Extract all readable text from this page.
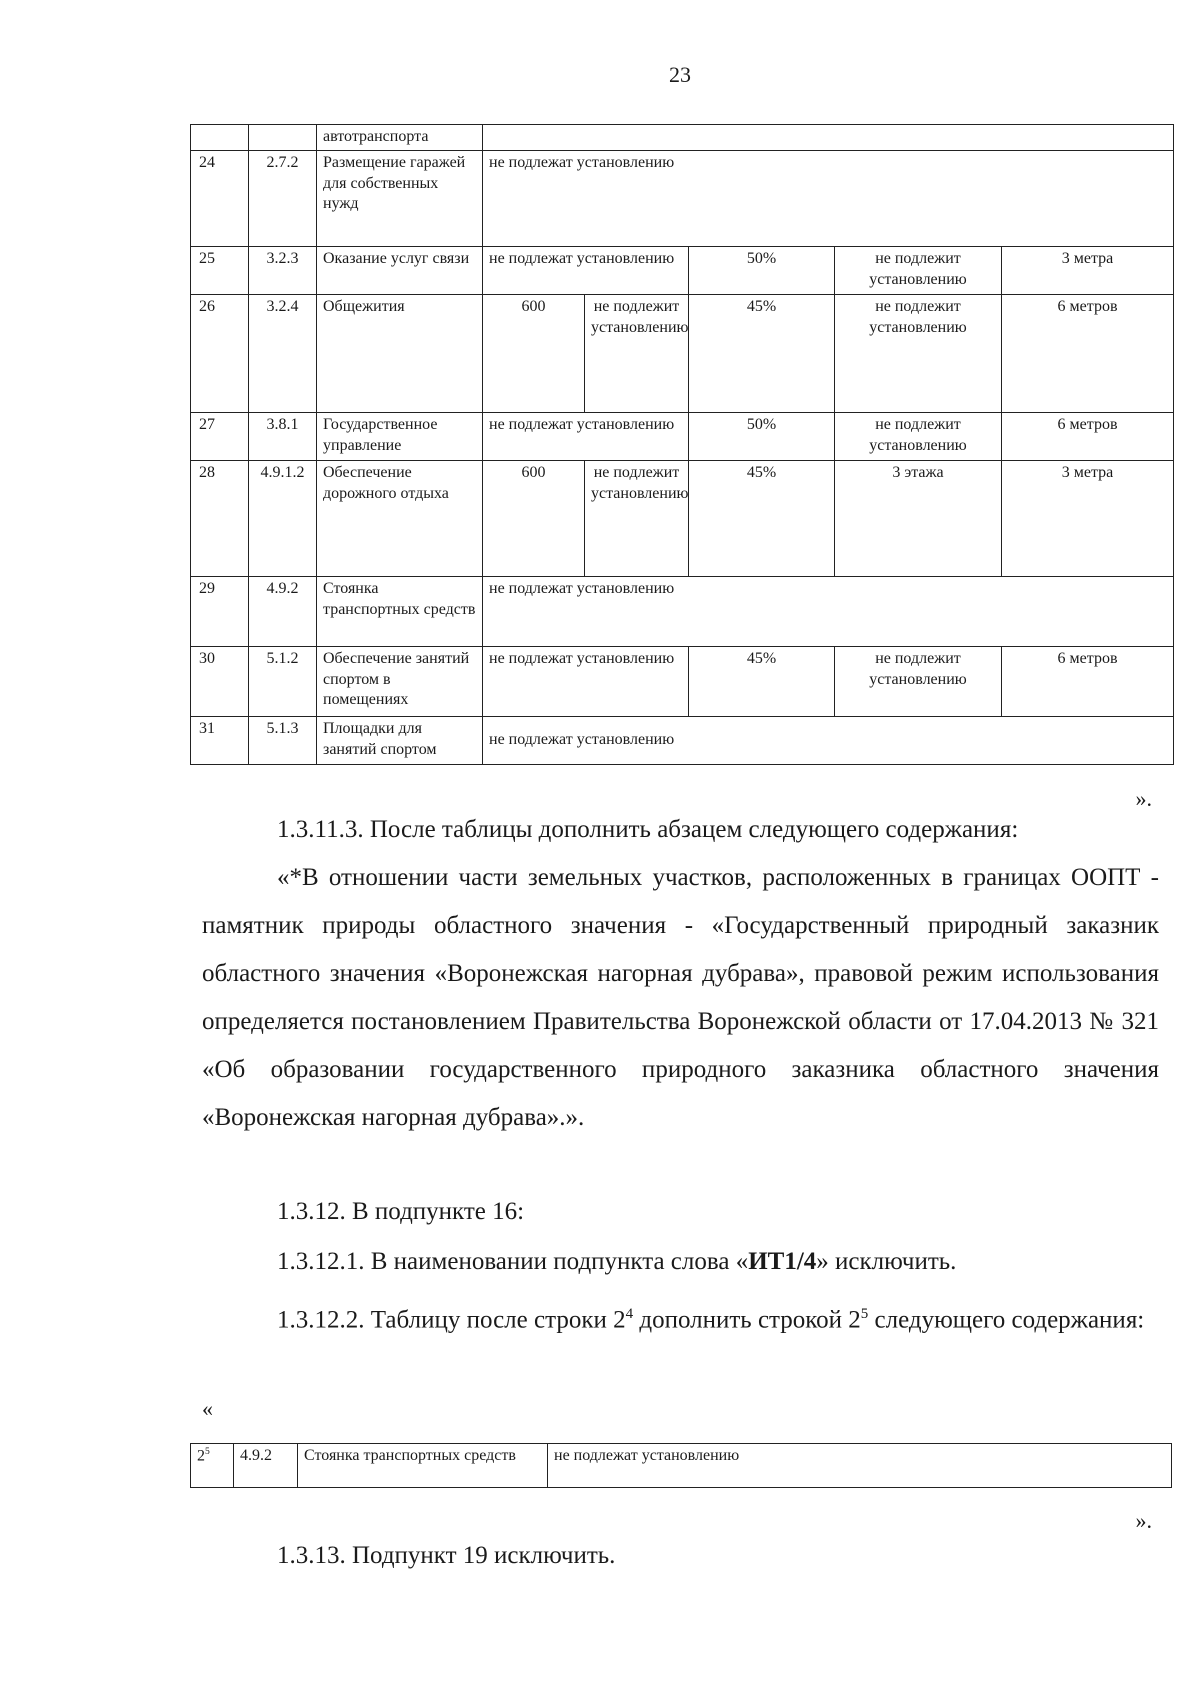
23
		автотранспорта					
24	2.7.2	Размещение гаражей для собственных нужд	не подлежат установлению				
25	3.2.3	Оказание услуг связи	не подлежат установлению		50%	не подлежит установлению	3 метра
26	3.2.4	Общежития	600	не подлежит установлению	45%	не подлежит установлению	6 метров
27	3.8.1	Государственное управление	не подлежат установлению		50%	не подлежит установлению	6 метров
28	4.9.1.2	Обеспечение дорожного отдыха	600	не подлежит установлению	45%	3 этажа	3 метра
29	4.9.2	Стоянка транспортных средств	не подлежат установлению				
30	5.1.2	Обеспечение занятий спортом в помещениях	не подлежат установлению		45%	не подлежит установлению	6 метров
31	5.1.3	Площадки для занятий спортом	не подлежат установлению				
».
1.3.11.3. После таблицы дополнить абзацем следующего содержания:
«*В отношении части земельных участков, расположенных в границах ООПТ - памятник природы областного значения - «Государственный природный заказник областного значения «Воронежская нагорная дубрава», правовой режим использования определяется постановлением Правительства Воронежской области от 17.04.2013 № 321 «Об образовании государственного природного заказника областного значения «Воронежская нагорная дубрава».».
1.3.12. В подпункте 16:
1.3.12.1. В наименовании подпункта слова «ИТ1/4» исключить.
1.3.12.2. Таблицу после строки $2^4$ дополнить строкой $2^5$ следующего содержания:
«
$2^5$	4.9.2	Стоянка транспортных средств	не подлежат установлению
».
1.3.13. Подпункт 19 исключить.
